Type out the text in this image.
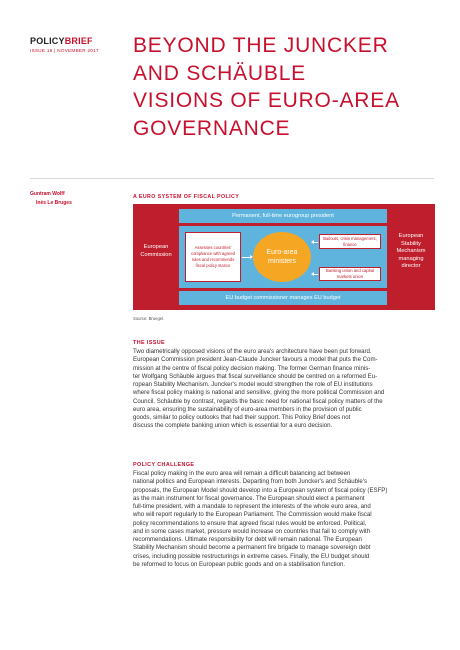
POLICYBRIEF
ISSUE 16 | NOVEMBER 2017	BEYOND THE JUNCKER
AND SCHÄUBLE
VISIONS OF EURO-AREA
GOVERNANCE
Guntram Wolff
Inès Le Bruges
A EURO SYSTEM OF FISCAL POLICY
Permanent, full-time eurogroup president
EU budget commissioner manages EU budget
European Commission
European Stability Mechanism managing director
Assesses countries' compliance with agreed rules and recommends fiscal policy stance
Euro-area ministers
Bailouts, crisis management, finance
Banking union and capital markets union
Source: Bruegel.
THE ISSUE
Two diametrically opposed visions of the euro area's architecture have been put forward.
European Commission president Jean-Claude Juncker favours a model that puts the Com-
mission at the centre of fiscal policy decision making. The former German finance minis-
ter Wolfgang Schäuble argues that fiscal surveillance should be centred on a reformed Eu-
ropean Stability Mechanism. Juncker's model would strengthen the role of EU institutions
where fiscal policy making is national and sensitive, giving the more political Commission and
Council. Schäuble by contrast, regards the basic need for national fiscal policy matters of the
euro area, ensuring the sustainability of euro-area members in the provision of public
goods, similar to policy outlooks that had their support. This Policy Brief does not
discuss the complete banking union which is essential for a euro decision.
POLICY CHALLENGE
Fiscal policy making in the euro area will remain a difficult balancing act between
national politics and European interests. Departing from both Juncker's and Schäuble's
proposals, the European Model should develop into a European system of fiscal policy (ESFP)
as the main instrument for fiscal governance. The European should elect a permanent
full-time president, with a mandate to represent the interests of the whole euro area, and
who will report regularly to the European Parliament. The Commission would make fiscal
policy recommendations to ensure that agreed fiscal rules would be enforced. Political,
and in some cases market, pressure would increase on countries that fail to comply with
recommendations. Ultimate responsibility for debt will remain national. The European
Stability Mechanism should become a permanent fire brigade to manage sovereign debt
crises, including possible restructurings in extreme cases. Finally, the EU budget should
be reformed to focus on European public goods and on a stabilisation function.
